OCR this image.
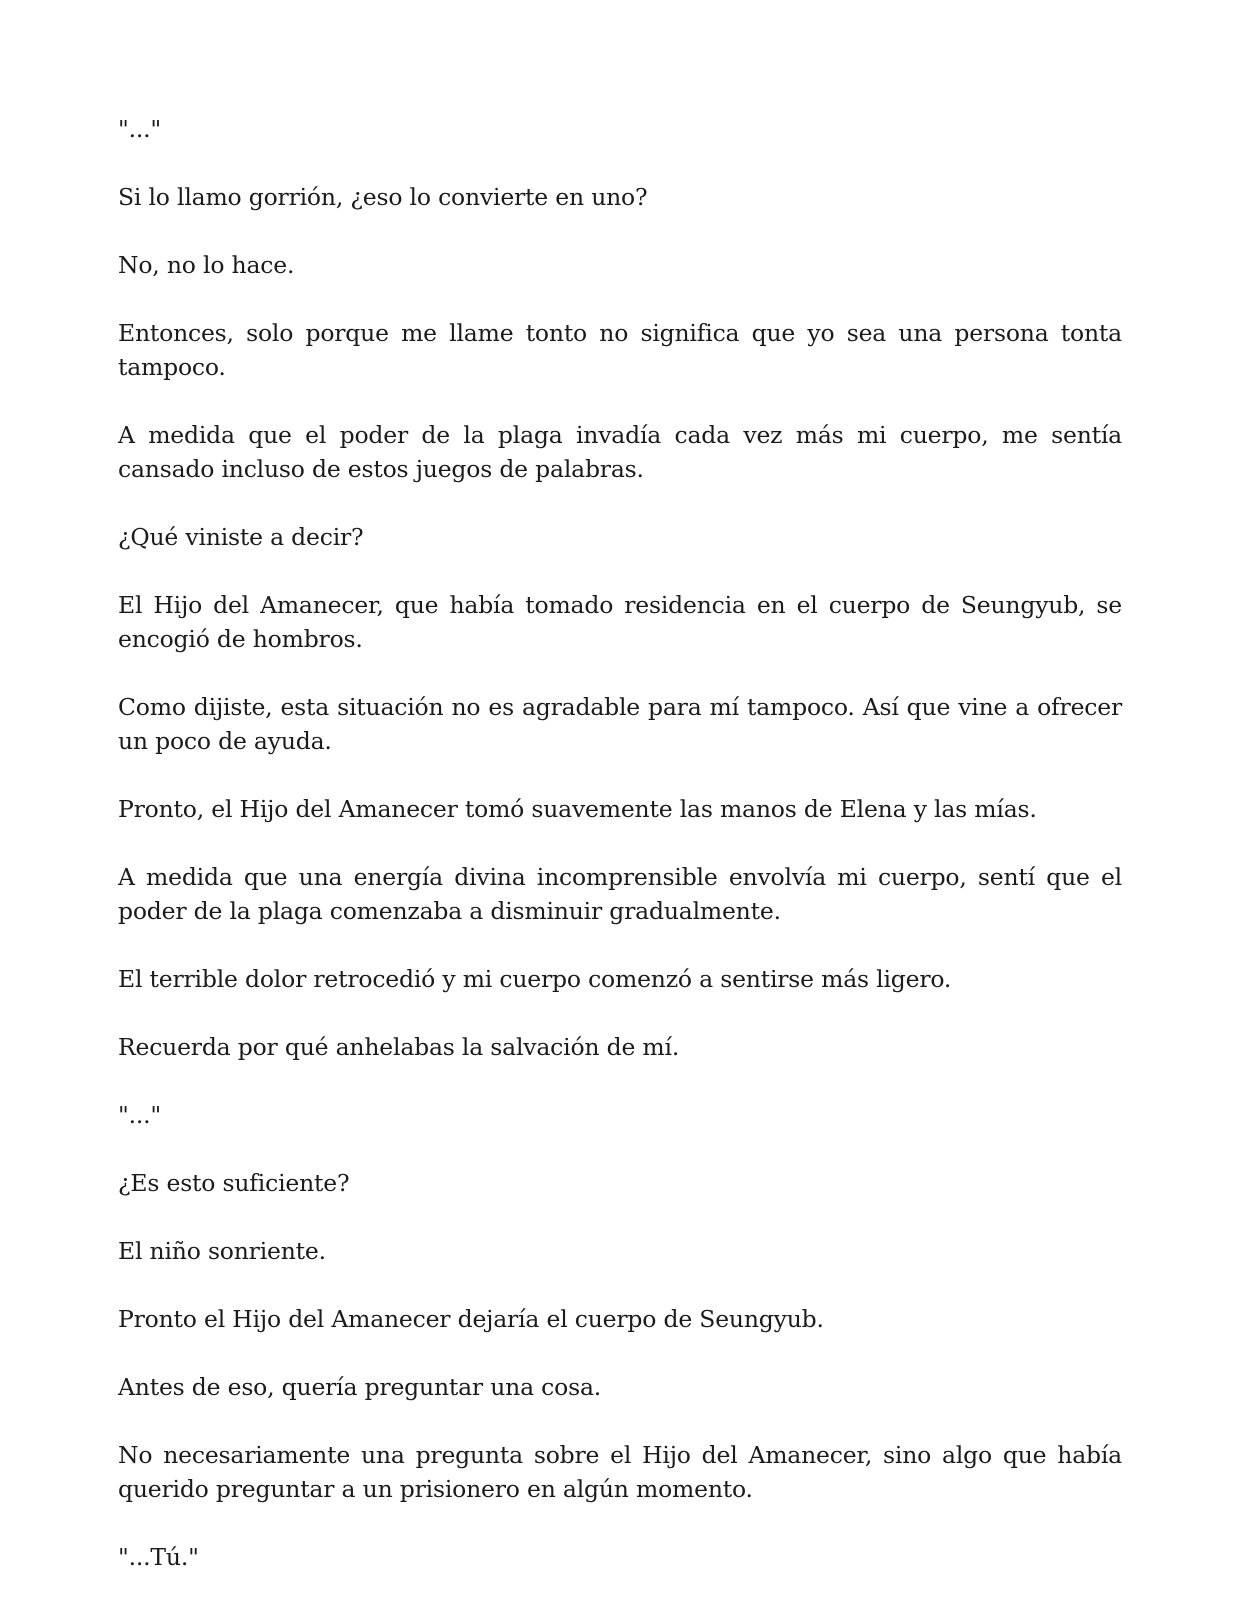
"..."

Si lo llamo gorrión, ¿eso lo convierte en uno?

No, no lo hace.

Entonces, solo porque me llame tonto no significa que yo sea una persona tonta tampoco.

A medida que el poder de la plaga invadía cada vez más mi cuerpo, me sentía cansado incluso de estos juegos de palabras.

¿Qué viniste a decir?

El Hijo del Amanecer, que había tomado residencia en el cuerpo de Seungyub, se encogió de hombros.

Como dijiste, esta situación no es agradable para mí tampoco. Así que vine a ofrecer un poco de ayuda.

Pronto, el Hijo del Amanecer tomó suavemente las manos de Elena y las mías.

A medida que una energía divina incomprensible envolvía mi cuerpo, sentí que el poder de la plaga comenzaba a disminuir gradualmente.

El terrible dolor retrocedió y mi cuerpo comenzó a sentirse más ligero.

Recuerda por qué anhelabas la salvación de mí.

"..."

¿Es esto suficiente?

El niño sonriente.

Pronto el Hijo del Amanecer dejaría el cuerpo de Seungyub.

Antes de eso, quería preguntar una cosa.

No necesariamente una pregunta sobre el Hijo del Amanecer, sino algo que había querido preguntar a un prisionero en algún momento.

"...Tú."
